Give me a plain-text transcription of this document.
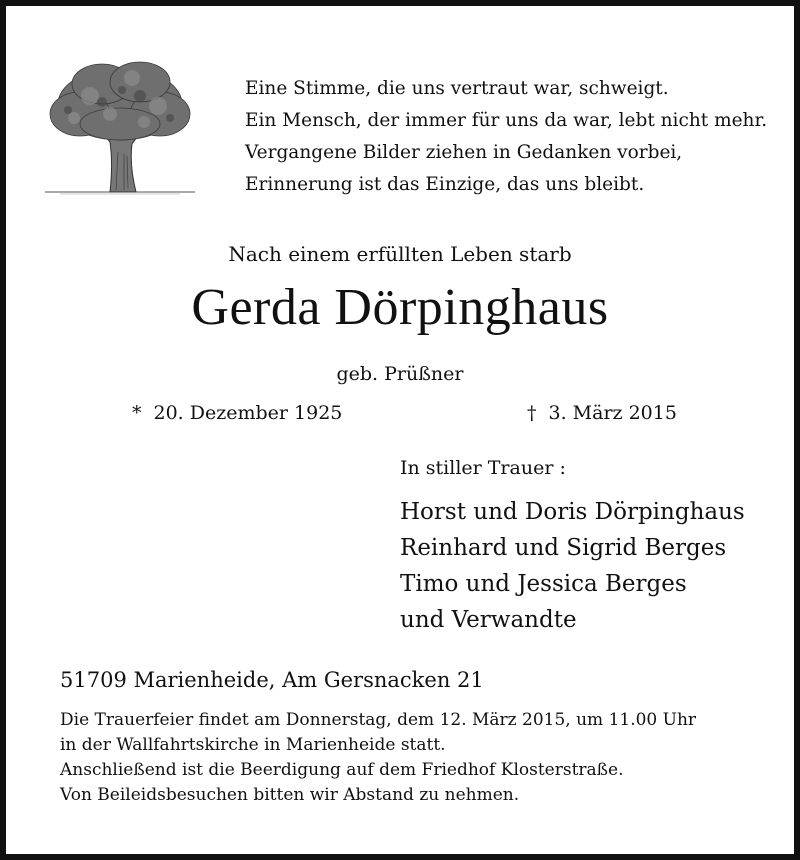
Eine Stimme, die uns vertraut war, schweigt.
Ein Mensch, der immer für uns da war, lebt nicht mehr.
Vergangene Bilder ziehen in Gedanken vorbei,
Erinnerung ist das Einzige, das uns bleibt.
Nach einem erfüllten Leben starb
Gerda Dörpinghaus
geb. Prüßner
* 20. Dezember 1925	† 3. März 2015
In stiller Trauer :
Horst und Doris Dörpinghaus
Reinhard und Sigrid Berges
Timo und Jessica Berges
und Verwandte
51709 Marienheide, Am Gersnacken 21
Die Trauerfeier findet am Donnerstag, dem 12. März 2015, um 11.00 Uhr
in der Wallfahrtskirche in Marienheide statt.
Anschließend ist die Beerdigung auf dem Friedhof Klosterstraße.
Von Beileidsbesuchen bitten wir Abstand zu nehmen.
